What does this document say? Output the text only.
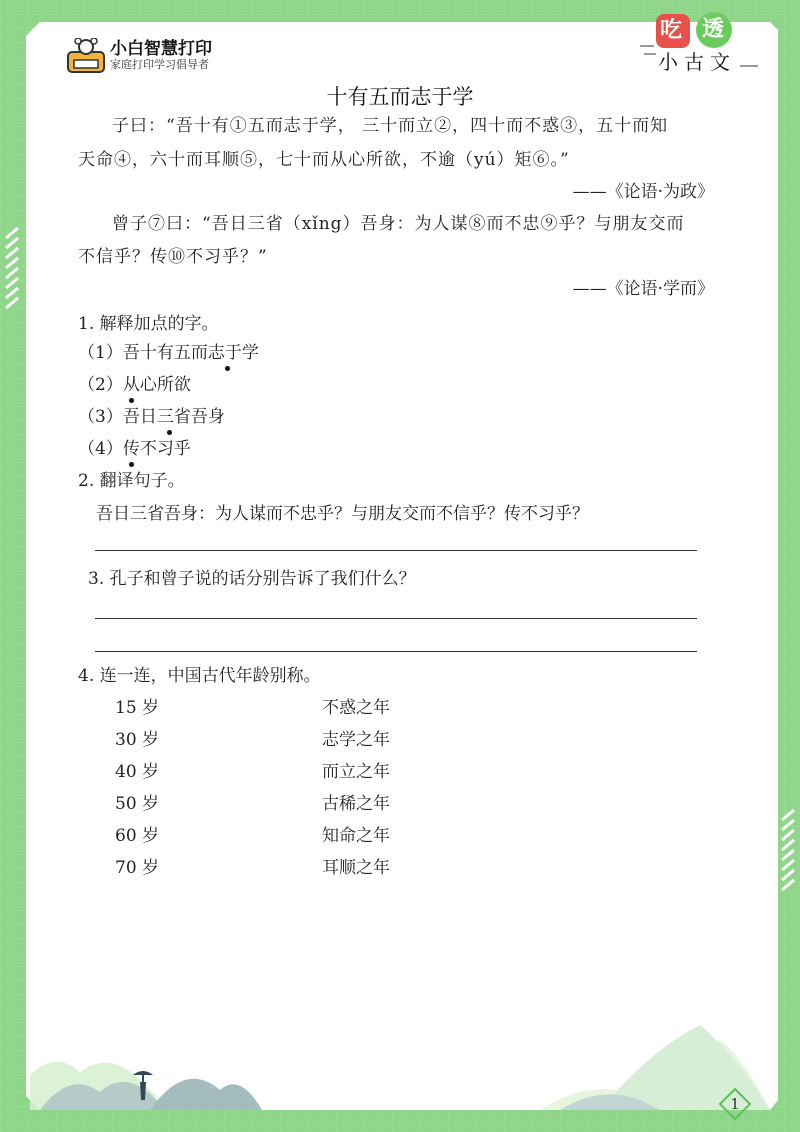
小白智慧打印
家庭打印学习倡导者
吃 透
小古文
十有五而志于学
子曰：“吾十有①五而志于学， 三十而立②，四十而不惑③，五十而知
天命④，六十而耳顺⑤，七十而从心所欲，不逾（yú）矩⑥。”
——《论语·为政》
曾子⑦曰：“吾日三省（xǐng）吾身：为人谋⑧而不忠⑨乎？与朋友交而
不信乎？传⑩不习乎？”
——《论语·学而》
1. 解释加点的字。
（1）吾十有五而志于学
（2）从心所欲
（3）吾日三省吾身
（4）传不习乎
2. 翻译句子。
吾日三省吾身：为人谋而不忠乎？与朋友交而不信乎？传不习乎？
3. 孔子和曾子说的话分别告诉了我们什么？
4. 连一连，中国古代年龄别称。
15 岁
30 岁
40 岁
50 岁
60 岁
70 岁
不惑之年
志学之年
而立之年
古稀之年
知命之年
耳顺之年
1
